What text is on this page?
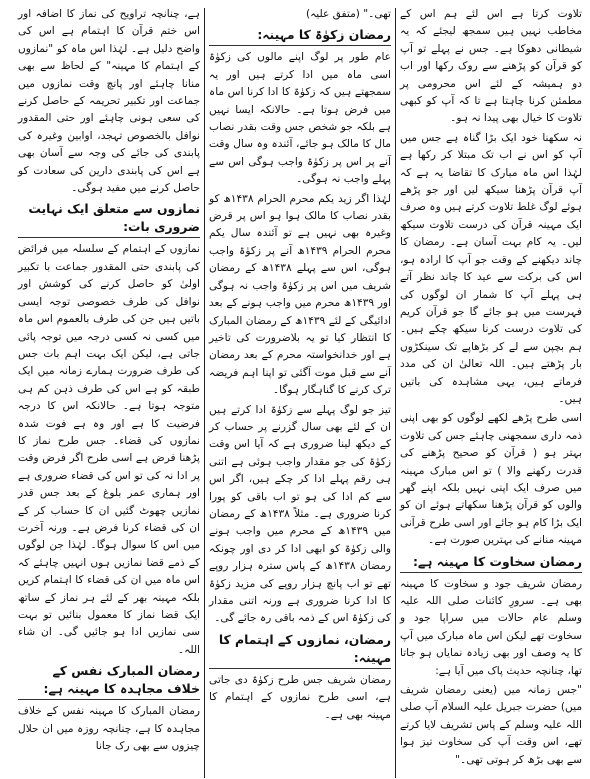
تلاوت کرتا ہے اس لئے ہم اس کے مخاطب نہیں ہیں سمجھ لیجئے کہ یہ شیطانی دھوکا ہے۔ جس نے پہلے تو آپ کو قرآن کو پڑھنے سے روک رکھا اور اب دو ہمیشہ کے لئے اس محرومی پر مطمئن کرنا چاہتا ہے تا کہ آپ کو کبھی تلاوت کا خیال بھی پیدا نہ ہو۔

نہ سکھنا خود ایک بڑا گناہ ہے جس میں آپ کو اس نے اب تک مبتلا کر رکھا ہے لہٰذا اس ماہ مبارک کا تقاضا یہ ہے کہ آپ قرآن پڑھنا سیکھ لیں اور جو پڑھے ہوئے لوگ غلط تلاوت کرتے ہیں وہ صرف ایک مہینہ قرآن کی درست تلاوت سیکھ لیں۔ یہ کام بہت آسان ہے۔ رمضان کا چاند دیکھنے کے وقت جو آپ کا ارادہ ہو، اس کی برکت سے عید کا چاند نظر آتے ہی پہلے آپ کا شمار ان لوگوں کی فہرست میں ہو جائے گا جو قرآن کریم کی تلاوت درست کرنا سیکھ چکے ہیں۔ ہم بچپن سے لے کر بڑھاپے تک سینکڑوں بار پڑھتے ہیں۔ اللہ تعالیٰ ان کی مدد فرماتے ہیں، یہی مشاہدہ کی باتیں ہیں۔

اسی طرح پڑھے لکھے لوگوں کو بھی اپنی ذمہ داری سمجھنی چاہئے جس کی تلاوت بہتر ہو ( قرآن کو صحیح پڑھنے کی قدرت رکھنے والا ) تو اس مبارک مہینہ میں صرف ایک اپنی نہیں بلکہ اپنے گھر والوں کو قرآن پڑھنا سکھاتے ہوئے ان کو ایک بڑا کام ہو جائے اور اسی طرح قرآنی مہینہ منانے کی بہترین صورت ہے۔

رمضان سخاوت کا مہینہ ہے:

رمضان شریف جود و سخاوت کا مہینہ بھی ہے۔ سرورِ کائنات صلی اللہ علیہ وسلم عام حالات میں سراپا جود و سخاوت تھے لیکن اس ماہ مبارک میں آپ کا یہ وصف اور بھی زیادہ نمایاں ہو جاتا تھا، چنانچہ حدیث پاک میں آیا ہے:

"جس زمانہ میں (یعنی رمضان شریف میں) حضرت جبریل علیہ السلام آپ صلی اللہ علیہ وسلم کے پاس تشریف لایا کرتے تھے، اس وقت آپ کی سخاوت تیز ہوا سے بھی بڑھ کر ہوتی تھی۔"

تھی۔" (متفق علیہ)

رمضان زکوٰۃ کا مہینہ:

عام طور پر لوگ اپنے مالوں کی زکوٰۃ اسی ماہ میں ادا کرتے ہیں اور یہ سمجھتے ہیں کہ زکوٰۃ کا ادا کرنا اس ماہ میں فرض ہوتا ہے۔ حالانکہ ایسا نہیں ہے بلکہ جو شخص جس وقت بقدر نصاب مال کا مالک ہو جائے، آئندہ وہ سال وقت آنے پر اس پر زکوٰۃ واجب ہوگی اس سے پہلے واجب نہ ہوگی۔

لہٰذا اگر زید یکم محرم الحرام ۱۴۳۸ھ کو بقدر نصاب کا مالک ہوا ہو اس پر قرض وغیرہ بھی نہیں ہے تو آئندہ سال یکم محرم الحرام ۱۴۳۹ھ آنے پر زکوٰۃ واجب ہوگی، اس سے پہلے ۱۴۳۸ھ کے رمضان شریف میں اس پر زکوٰۃ واجب نہ ہوگی اور ۱۴۳۹ھ محرم میں واجب ہونے کے بعد ادائیگی کے لئے ۱۴۳۹ھ کے رمضان المبارک کا انتظار کیا تو یہ بلاضرورت کی تاخیر ہے اور خدانخواستہ محرم کے بعد رمضان آنے سے قبل موت آگئی تو اپنا اہم فریضہ ترک کرنے کا گناہگار ہوگا۔

تیز جو لوگ پہلے سے زکوٰۃ ادا کرتے ہیں ان کے لئے بھی سال گزرنے پر حساب کر کے دیکھ لینا ضروری ہے کہ آیا اس وقت زکوٰۃ کی جو مقدار واجب ہوئی ہے اتنی ہی رقم پہلے ادا کر چکے ہیں، اگر اس سے کم ادا کی ہو تو اب باقی کو پورا کرنا ضروری ہے۔ مثلاً ۱۴۳۸ھ کے رمضان میں ۱۴۳۹ھ کے محرم میں واجب ہونے والی زکوٰۃ کو ابھی ادا کر دی اور چونکہ رمضان ۱۴۳۸ھ کے پاس سترہ ہزار روپے تھے تو اب پانچ ہزار روپے کی مزید زکوٰۃ کا ادا کرنا ضروری ہے ورنہ اتنی مقدار کی زکوٰۃ اس کے ذمہ باقی رہ جائے گی۔

رمضان، نمازوں کے اہتمام کا مہینہ:

رمضان شریف جس طرح زکوٰۃ دی جاتی ہے، اسی طرح نمازوں کے اہتمام کا مہینہ بھی ہے۔

ہے، چنانچہ تراویح کی نماز کا اضافہ اور اس ختم قرآن کا اہتمام ہے اس کی واضح دلیل ہے۔ لہٰذا اس ماہ کو "نمازوں کے اہتمام کا مہینہ" کے لحاظ سے بھی منانا چاہئے اور پانچ وقت نمازوں میں جماعت اور تکبیر تحریمہ کے حاصل کرنے کی سعی ہونی چاہئے اور حتی المقدور نوافل بالخصوص تہجد، اوابین وغیرہ کی پابندی کی جائے کی وجہ سے آسان بھی ہے اس کی پابندی دارین کی سعادت کو حاصل کرنے میں مفید ہوگی۔

نمازوں سے متعلق ایک نہایت ضروری بات:

نمازوں کے اہتمام کے سلسلہ میں فرائض کی پابندی حتی المقدور جماعت با تکبیر اولیٰ کو حاصل کرنے کی کوشش اور نوافل کی طرف خصوصی توجہ ایسی باتیں ہیں جن کی طرف بالعموم اس ماہ میں کسی نہ کسی درجہ میں توجہ پائی جاتی ہے، لیکن ایک بہت اہم بات جس کی طرف ضرورت ہمارے زمانہ میں ایک طبقہ کو ہے اس کی طرف ذہن کم ہی متوجہ ہوتا ہے۔ حالانکہ اس کا درجہ فرضیت کا ہے اور وہ ہے فوت شدہ نمازوں کی قضاء۔ جس طرح نماز کا پڑھنا فرض ہے اسی طرح اگر فرض وقت پر ادا نہ کی تو اس کی قضاء ضروری ہے اور ہماری عمر بلوغ کے بعد جس قدر نمازیں چھوٹ گئیں ان کا حساب کر کے ان کی قضاء کرنا فرض ہے۔ ورنہ آخرت میں اس کا سوال ہوگا۔ لہٰذا جن لوگوں کے ذمے قضا نمازیں ہوں انہیں چاہئے کہ اس ماہ میں ان کی قضاء کا اہتمام کریں بلکہ مہینہ بھر کے لئے ہر نماز کے ساتھ ایک قضا نماز کا معمول بنائیں تو بہت سی نمازیں ادا ہو جائیں گی۔ ان شاء اللہ۔

رمضان المبارک نفس کے خلاف مجاہدہ کا مہینہ ہے:

رمضان المبارک کا مہینہ نفس کے خلاف مجاہدہ کا ہے، چنانچہ روزہ میں ان حلال چیزوں سے بھی رک جانا
